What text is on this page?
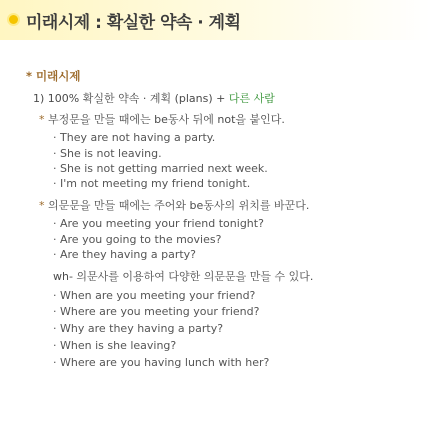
미래시제 : 확실한 약속 · 계획
* 미래시제
1) 100% 확실한 약속 · 계획 (plans) + 다른 사람
* 부정문을 만들 때에는 be동사 뒤에 not을 붙인다.
· They are not having a party.
· She is not leaving.
· She is not getting married next week.
· I'm not meeting my friend tonight.
* 의문문을 만들 때에는 주어와 be동사의 위치를 바꾼다.
· Are you meeting your friend tonight?
· Are you going to the movies?
· Are they having a party?
wh- 의문사를 이용하여 다양한 의문문을 만들 수 있다.
· When are you meeting your friend?
· Where are you meeting your friend?
· Why are they having a party?
· When is she leaving?
· Where are you having lunch with her?
